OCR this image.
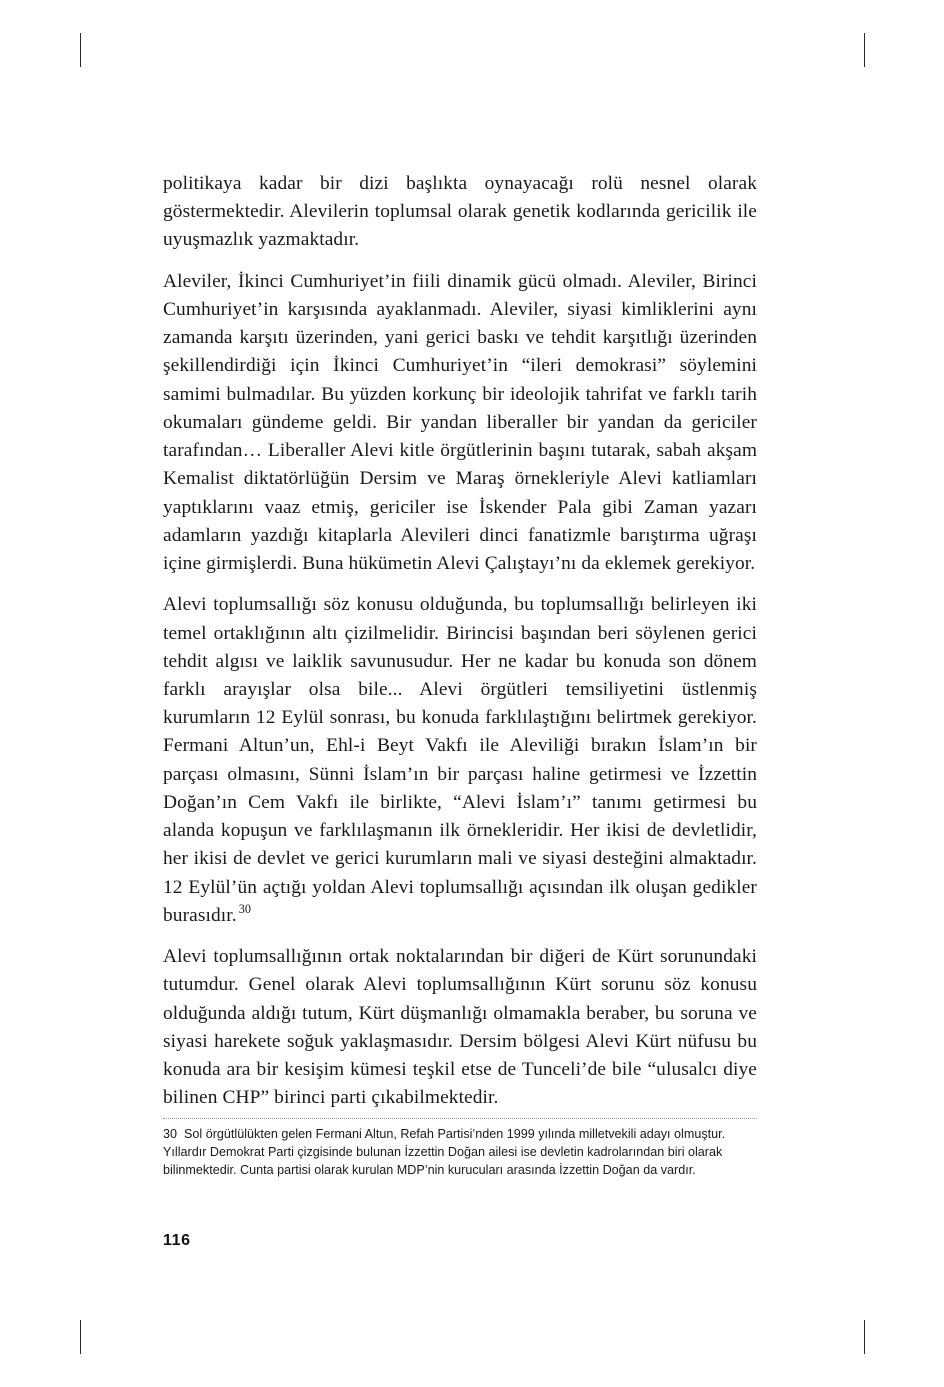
politikaya kadar bir dizi başlıkta oynayacağı rolü nesnel olarak göstermektedir. Alevilerin toplumsal olarak genetik kodlarında gericilik ile uyuşmazlık yazmaktadır.

Aleviler, İkinci Cumhuriyet’in fiili dinamik gücü olmadı. Aleviler, Birinci Cumhuriyet’in karşısında ayaklanmadı. Aleviler, siyasi kimliklerini aynı zamanda karşıtı üzerinden, yani gerici baskı ve tehdit karşıtlığı üzerinden şekillendirdiği için İkinci Cumhuriyet’in “ileri demokrasi” söylemini samimi bulmadılar. Bu yüzden korkunç bir ideolojik tahrifat ve farklı tarih okumaları gündeme geldi. Bir yandan liberaller bir yandan da gericiler tarafından… Liberaller Alevi kitle örgütlerinin başını tutarak, sabah akşam Kemalist diktatörlüğün Dersim ve Maraş örnekleriyle Alevi katliamları yaptıklarını vaaz etmiş, gericiler ise İskender Pala gibi Zaman yazarı adamların yazdığı kitaplarla Alevileri dinci fanatizmle barıştırma uğraşı içine girmişlerdi. Buna hükümetin Alevi Çalıştayı’nı da eklemek gerekiyor.

Alevi toplumsallığı söz konusu olduğunda, bu toplumsallığı belirleyen iki temel ortaklığının altı çizilmelidir. Birincisi başından beri söylenen gerici tehdit algısı ve laiklik savunusudur. Her ne kadar bu konuda son dönem farklı arayışlar olsa bile... Alevi örgütleri temsiliyetini üstlenmiş kurumların 12 Eylül sonrası, bu konuda farklılaştığını belirtmek gerekiyor. Fermani Altun’un, Ehl-i Beyt Vakfı ile Aleviliği bırakın İslam’ın bir parçası olmasını, Sünni İslam’ın bir parçası haline getirmesi ve İzzettin Doğan’ın Cem Vakfı ile birlikte, “Alevi İslam’ı” tanımı getirmesi bu alanda kopuşun ve farklılaşmanın ilk örnekleridir. Her ikisi de devletlidir, her ikisi de devlet ve gerici kurumların mali ve siyasi desteğini almaktadır. 12 Eylül’ün açtığı yoldan Alevi toplumsallığı açısından ilk oluşan gedikler burasıdır. $^{30}$

Alevi toplumsallığının ortak noktalarından bir diğeri de Kürt sorunundaki tutumdur. Genel olarak Alevi toplumsallığının Kürt sorunu söz konusu olduğunda aldığı tutum, Kürt düşmanlığı olmamakla beraber, bu soruna ve siyasi harekete soğuk yaklaşmasıdır. Dersim bölgesi Alevi Kürt nüfusu bu konuda ara bir kesişim kümesi teşkil etse de Tunceli’de bile “ulusalcı diye bilinen CHP” birinci parti çıkabilmektedir.

30 Sol örgütlülükten gelen Fermani Altun, Refah Partisi’nden 1999 yılında milletvekili adayı olmuştur. Yıllardır Demokrat Parti çizgisinde bulunan İzzettin Doğan ailesi ise devletin kadrolarından biri olarak bilinmektedir. Cunta partisi olarak kurulan MDP’nin kurucuları arasında İzzettin Doğan da vardır.
116
